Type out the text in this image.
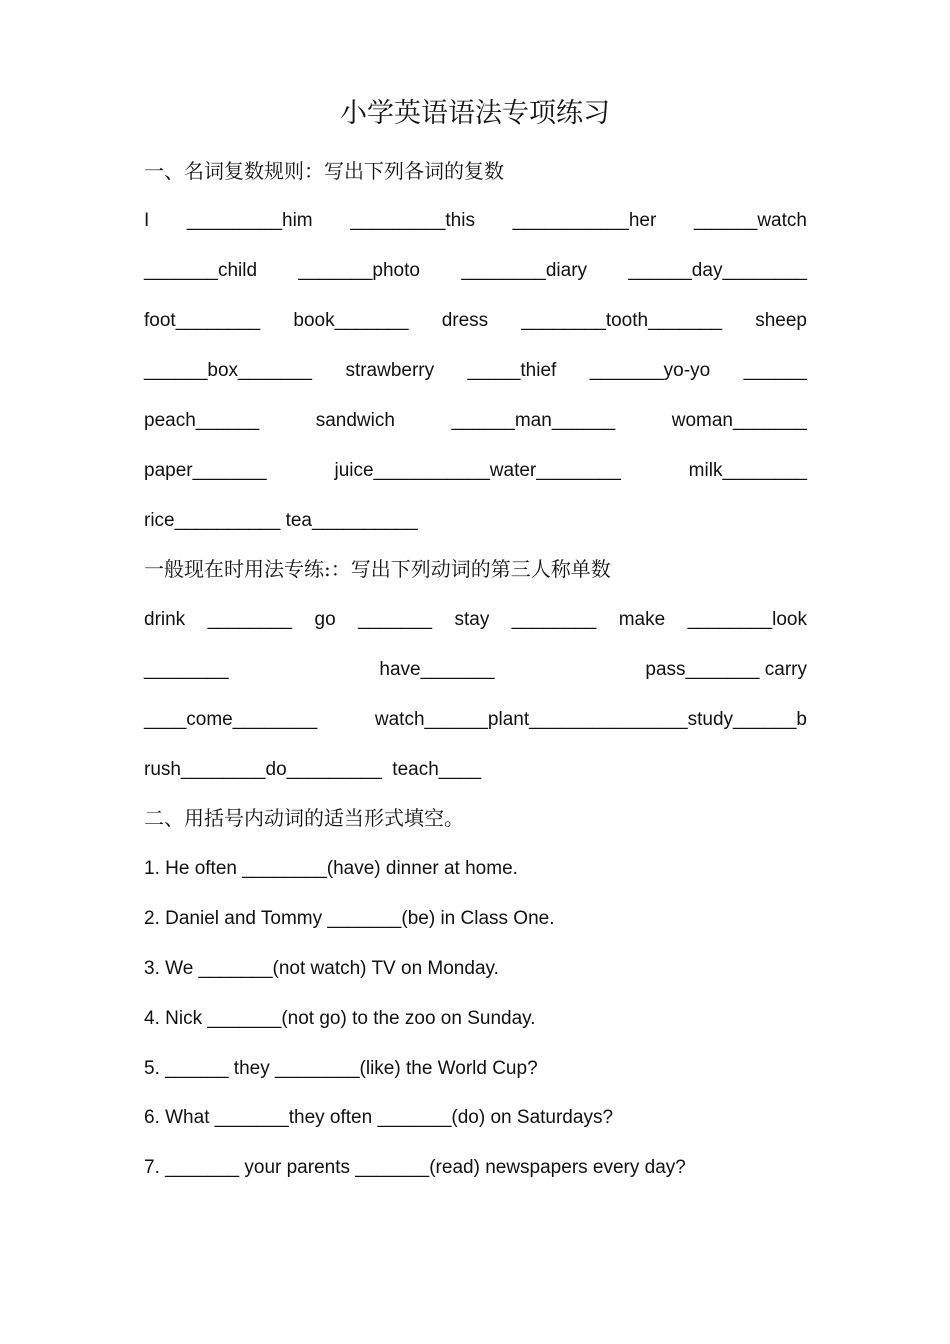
小学英语语法专项练习
一、名词复数规则：写出下列各词的复数
I _________him _________this ___________her ______watch
_______child _______photo ________diary ______day________
foot________ book_______ dress ________tooth_______ sheep
______box_______ strawberry _____thief _______yo-yo ______
peach______	sandwich	______man______	woman_______
paper_______	juice___________water________	milk________
rice__________ tea__________
一般现在时用法专练:：写出下列动词的第三人称单数
drink ________ go _______ stay ________ make ________look
________	have_______	pass_______ carry
____come________	watch______plant_______________study______b
rush________do_________  teach____
二、用括号内动词的适当形式填空。
1. He often ________(have) dinner at home.
2. Daniel and Tommy _______(be) in Class One.
3. We _______(not watch) TV on Monday.
4. Nick _______(not go) to the zoo on Sunday.
5. ______ they ________(like) the World Cup?
6. What _______they often _______(do) on Saturdays?
7. _______ your parents _______(read) newspapers every day?
